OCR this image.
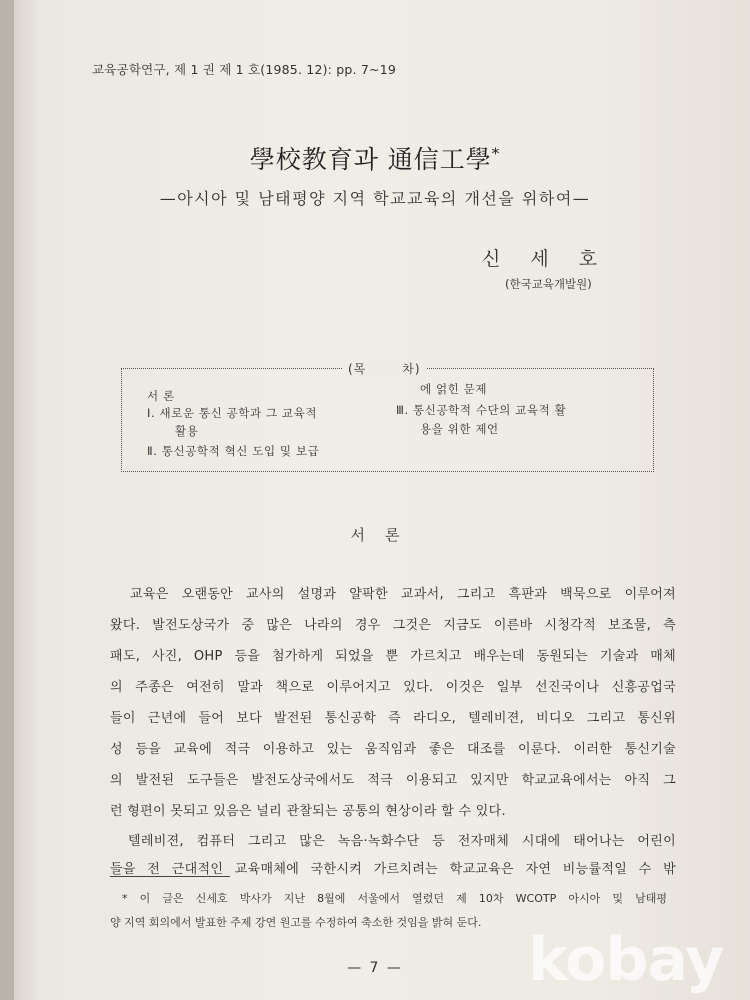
교육공학연구, 제 1 권 제 1 호(1985. 12): pp. 7~19
學校教育과 通信工學*
—아시아 및 남태평양 지역 학교교육의 개선을 위하여—
신세호
(한국교육개발원)
(목	차)
서 론
Ⅰ. 새로운 통신 공학과 그 교육적
활용
Ⅱ. 통신공학적 혁신 도입 및 보급
에 얽힌 문제
Ⅲ. 통신공학적 수단의 교육적 활
용을 위한 제언
서론
교육은 오랜동안 교사의 설명과 얄팍한 교과서, 그리고 흑판과 백묵으로 이루어져
왔다. 발전도상국가 중 많은 나라의 경우 그것은 지금도 이른바 시청각적 보조물, 측
패도, 사진, OHP 등을 첨가하게 되었을 뿐 가르치고 배우는데 동원되는 기술과 매체
의 주종은 여전히 말과 책으로 이루어지고 있다. 이것은 일부 선진국이나 신흥공업국
들이 근년에 들어 보다 발전된 통신공학 즉 라디오, 텔레비젼, 비디오 그리고 통신위
성 등을 교육에 적극 이용하고 있는 움직임과 좋은 대조를 이룬다. 이러한 통신기술
의 발전된 도구들은 발전도상국에서도 적극 이용되고 있지만 학교교육에서는 아직 그
런 형편이 못되고 있음은 널리 관찰되는 공통의 현상이라 할 수 있다.
텔레비젼, 컴퓨터 그리고 많은 녹음·녹화수단 등 전자매체 시대에 태어나는 어린이
들을 전 근대적인 교육매체에 국한시켜 가르치려는 학교교육은 자연 비능률적일 수 밖
* 이 글은 신세호 박사가 지난 8월에 서울에서 열렸던 제 10차 WCOTP 아시아 및 남태평
양 지역 회의에서 발표한 주제 강연 원고를 수정하여 축소한 것임을 밝혀 둔다.
— 7 —	kobay
